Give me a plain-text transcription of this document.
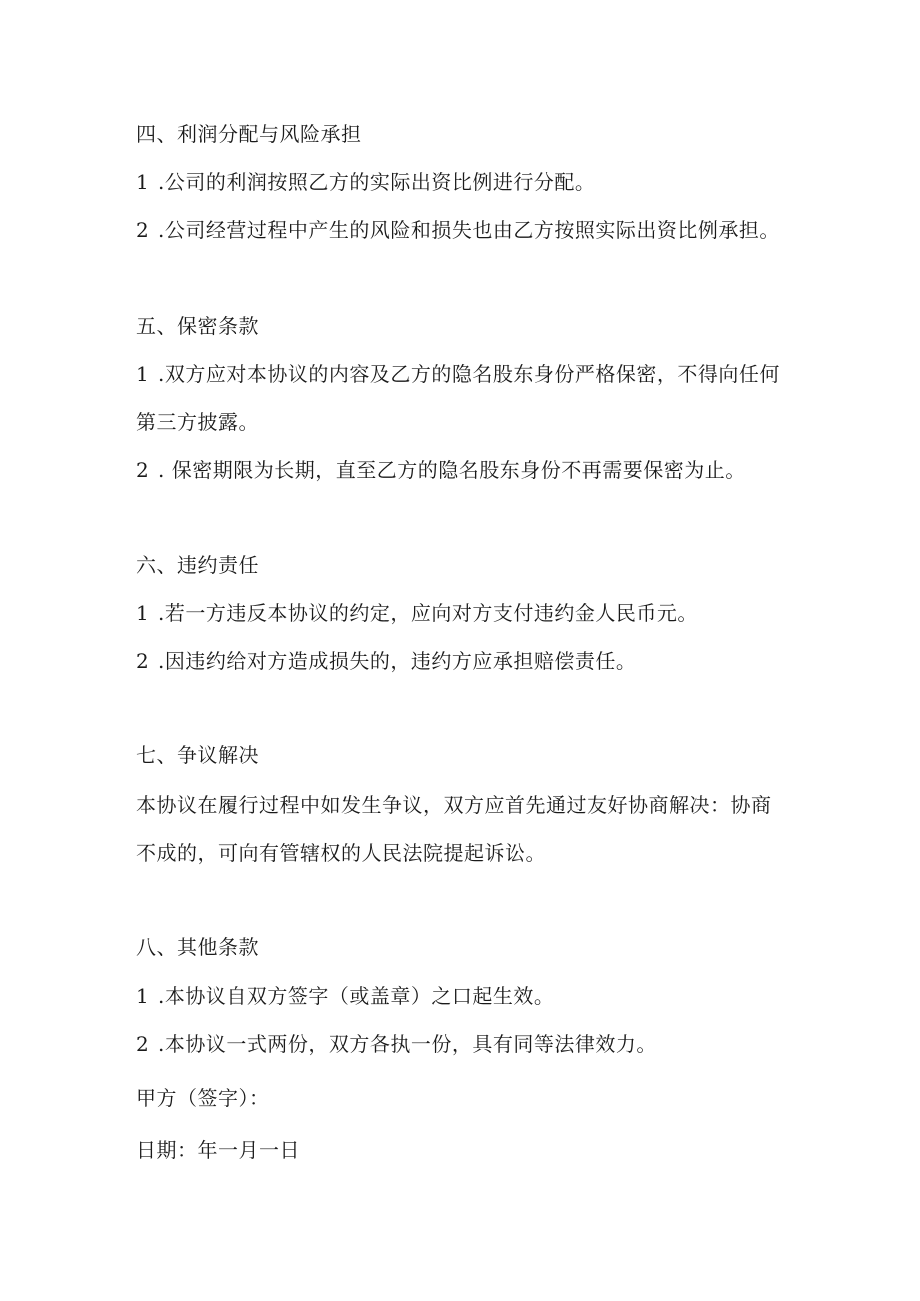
四、利润分配与风险承担
1 .公司的利润按照乙方的实际出资比例进行分配。
2 .公司经营过程中产生的风险和损失也由乙方按照实际出资比例承担。
五、保密条款
1 .双方应对本协议的内容及乙方的隐名股东身份严格保密，不得向任何
第三方披露。
2 . 保密期限为长期，直至乙方的隐名股东身份不再需要保密为止。
六、违约责任
1 .若一方违反本协议的约定，应向对方支付违约金人民币元。
2 .因违约给对方造成损失的，违约方应承担赔偿责任。
七、争议解决
本协议在履行过程中如发生争议，双方应首先通过友好协商解决：协商
不成的，可向有管辖权的人民法院提起诉讼。
八、其他条款
1 .本协议自双方签字（或盖章）之口起生效。
2 .本协议一式两份，双方各执一份，具有同等法律效力。
甲方（签字）：
日期：年一月一日
